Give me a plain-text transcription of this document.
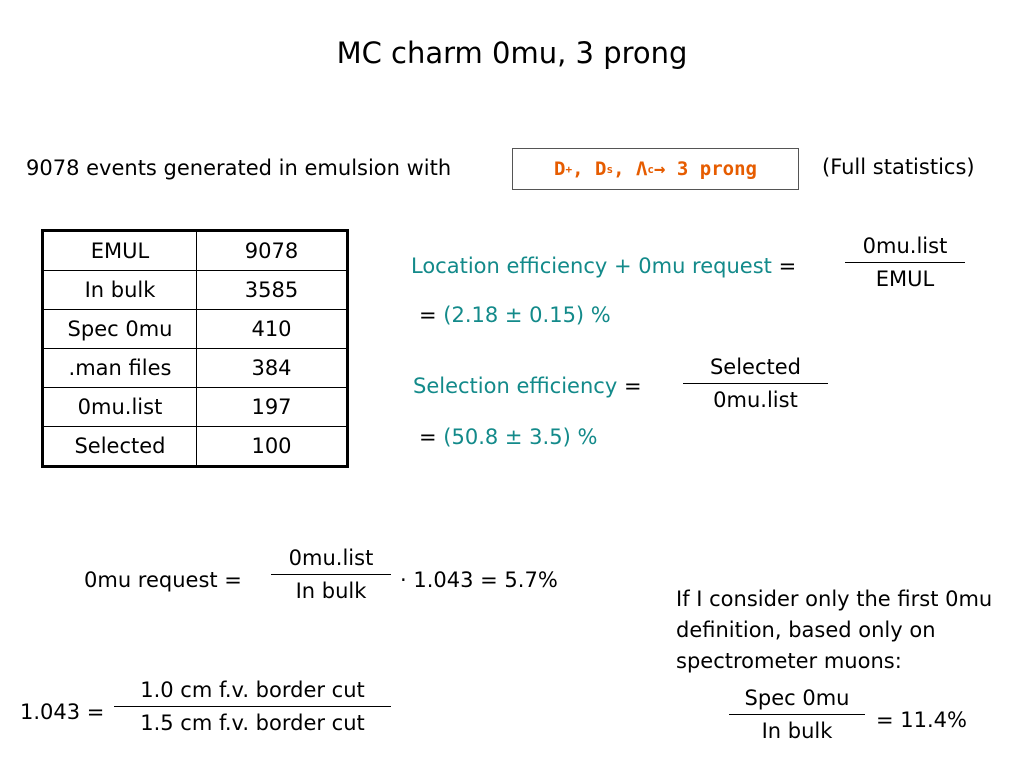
MC charm 0mu, 3 prong
9078 events generated in emulsion with	D + , D s , Λ c → 3 prong	(Full statistics)
EMUL	9078
In bulk	3585
Spec 0mu	410
.man files	384
0mu.list	197
Selected	100
Location efficiency + 0mu request =
0mu.list
EMUL
= (2.18 ± 0.15) %
Selection efficiency =
Selected
0mu.list
= (50.8 ± 3.5) %
0mu request =
0mu.list
In bulk	· 1.043 = 5.7%
1.043 =
1.0 cm f.v. border cut
1.5 cm f.v. border cut
If I consider only the first 0mu definition, based only on spectrometer muons:
Spec 0mu
In bulk	= 11.4%
